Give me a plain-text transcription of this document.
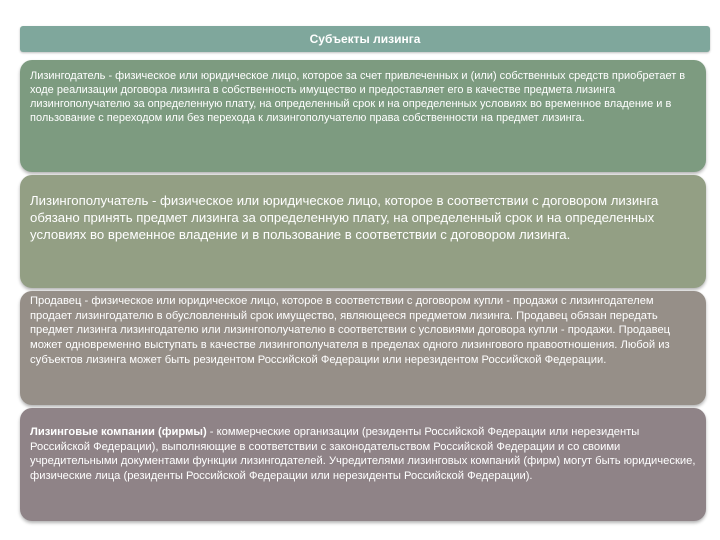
Субъекты лизинга
Лизингодатель - физическое или юридическое лицо, которое за счет привлеченных и (или) собственных средств приобретает в ходе реализации договора лизинга в собственность имущество и предоставляет его в качестве предмета лизинга лизингополучателю за определенную плату, на определенный срок и на определенных условиях во временное владение и в пользование с переходом или без перехода к лизингополучателю права собственности на предмет лизинга.
Лизингополучатель - физическое или юридическое лицо, которое в соответствии с договором лизинга обязано принять предмет лизинга за определенную плату, на определенный срок и на определенных условиях во временное владение и в пользование в соответствии с договором лизинга.
Продавец - физическое или юридическое лицо, которое в соответствии с договором купли - продажи с лизингодателем продает лизингодателю в обусловленный срок имущество, являющееся предметом лизинга. Продавец обязан передать предмет лизинга лизингодателю или лизингополучателю в соответствии с условиями договора купли - продажи. Продавец может одновременно выступать в качестве лизингополучателя в пределах одного лизингового правоотношения. Любой из субъектов лизинга может быть резидентом Российской Федерации или нерезидентом Российской Федерации.
Лизинговые компании (фирмы) - коммерческие организации (резиденты Российской Федерации или нерезиденты Российской Федерации), выполняющие в соответствии с законодательством Российской Федерации и со своими учредительными документами функции лизингодателей. Учредителями лизинговых компаний (фирм) могут быть юридические, физические лица (резиденты Российской Федерации или нерезиденты Российской Федерации).
